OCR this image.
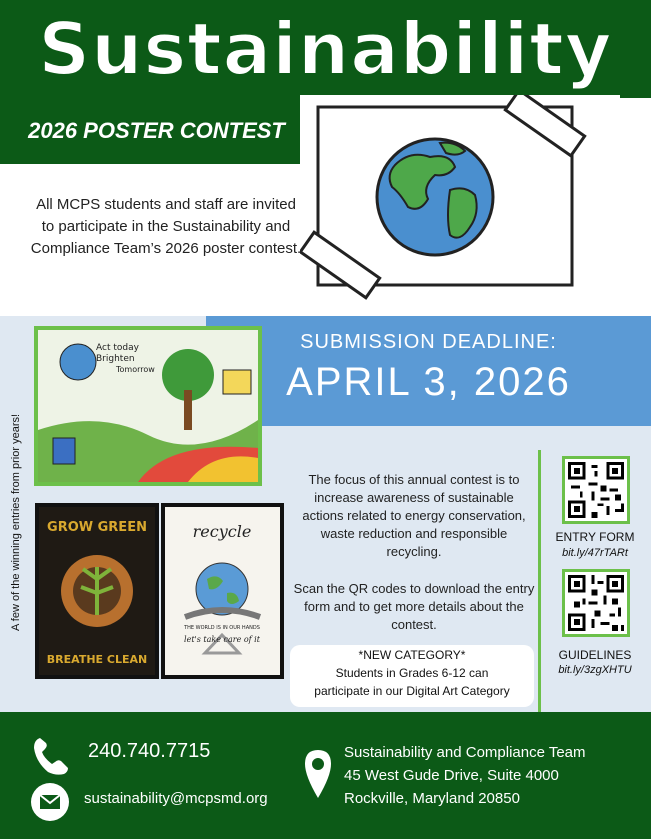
Sustainability
2026 POSTER CONTEST
All MCPS students and staff are invited to participate in the Sustainability and Compliance Team’s 2026 poster contest.
SUBMISSION DEADLINE:
APRIL 3, 2026
A few of the winning entries from prior years!
Act today
Brighten
Tomorrow
GROW GREEN
BREATHE CLEAN
recycle
THE WORLD IS IN OUR HANDS
let's take care of it
The focus of this annual contest is to increase awareness of sustainable actions related to energy conservation, waste reduction and responsible recycling.
Scan the QR codes to download the entry form and to get more details about the contest.
*NEW CATEGORY*
Students in Grades 6-12 can
participate in our Digital Art Category
ENTRY FORM
bit.ly/47rTARt
GUIDELINES
bit.ly/3zgXHTU
240.740.7715
sustainability@mcpsmd.org
Sustainability and Compliance Team
45 West Gude Drive, Suite 4000
Rockville, Maryland 20850
